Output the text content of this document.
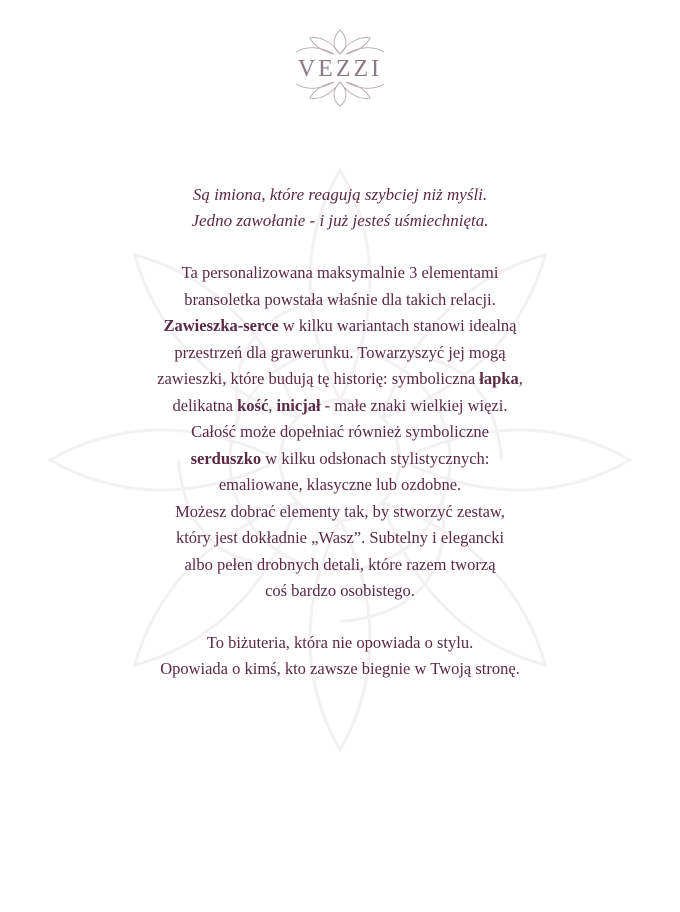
VEZZI

Są imiona, które reagują szybciej niż myśli.
Jedno zawołanie - i już jesteś uśmiechnięta.

Ta personalizowana maksymalnie 3 elementami
bransoletka powstała właśnie dla takich relacji.
Zawieszka-serce w kilku wariantach stanowi idealną
przestrzeń dla grawerunku. Towarzyszyć jej mogą
zawieszki, które budują tę historię: symboliczna łapka,
delikatna kość, inicjał - małe znaki wielkiej więzi.
Całość może dopełniać również symboliczne
serduszko w kilku odsłonach stylistycznych:
emaliowane, klasyczne lub ozdobne.
Możesz dobrać elementy tak, by stworzyć zestaw,
który jest dokładnie „Wasz”. Subtelny i elegancki
albo pełen drobnych detali, które razem tworzą
coś bardzo osobistego.

To biżuteria, która nie opowiada o stylu.
Opowiada o kimś, kto zawsze biegnie w Twoją stronę.
